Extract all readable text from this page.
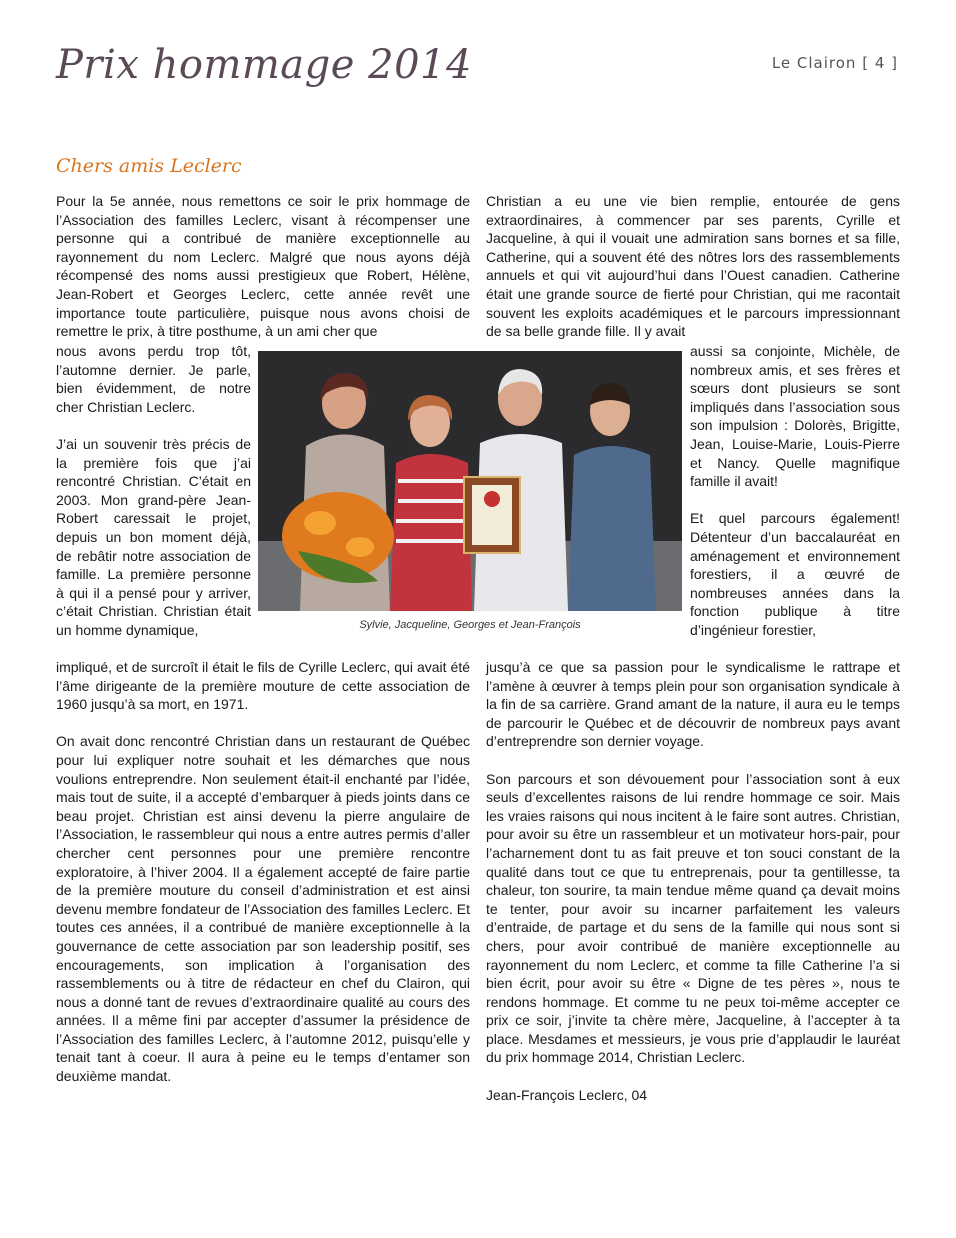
Prix hommage 2014	Le Clairon [ 4 ]
Chers amis Leclerc

Pour la 5e année, nous remettons ce soir le prix hommage de l’Association des familles Leclerc, visant à récompenser une personne qui a contribué de manière exceptionnelle au rayonnement du nom Leclerc. Malgré que nous ayons déjà récompensé des noms aussi prestigieux que Robert, Hélène, Jean-Robert et Georges Leclerc, cette année revêt une importance toute particulière, puisque nous avons choisi de remettre le prix, à titre posthume, à un ami cher que

nous avons perdu trop tôt, l’automne dernier. Je parle, bien évidemment, de notre cher Christian Leclerc.

J’ai un souvenir très précis de la première fois que j’ai rencontré Christian. C’était en 2003. Mon grand-père Jean-Robert caressait le projet, depuis un bon moment déjà, de rebâtir notre association de famille. La première personne à qui il a pensé pour y arriver, c’était Christian. Christian était un homme dynamique,

impliqué, et de surcroît il était le fils de Cyrille Leclerc, qui avait été l’âme dirigeante de la première mouture de cette association de 1960 jusqu’à sa mort, en 1971.

On avait donc rencontré Christian dans un restaurant de Québec pour lui expliquer notre souhait et les démarches que nous voulions entreprendre. Non seulement était-il enchanté par l’idée, mais tout de suite, il a accepté d’embarquer à pieds joints dans ce beau projet. Christian est ainsi devenu la pierre angulaire de l’Association, le rassembleur qui nous a entre autres permis d’aller chercher cent personnes pour une première rencontre exploratoire, à l’hiver 2004. Il a également accepté de faire partie de la première mouture du conseil d’administration et est ainsi devenu membre fondateur de l’Association des familles Leclerc. Et toutes ces années, il a contribué de manière exceptionnelle à la gouvernance de cette association par son leadership positif, ses encouragements, son implication à l’organisation des rassemblements ou à titre de rédacteur en chef du Clairon, qui nous a donné tant de revues d’extraordinaire qualité au cours des années. Il a même fini par accepter d’assumer la présidence de l’Association des familles Leclerc, à l’automne 2012, puisqu’elle y tenait tant à coeur. Il aura à peine eu le temps d’entamer son deuxième mandat.

Christian a eu une vie bien remplie, entourée de gens extraordinaires, à commencer par ses parents, Cyrille et Jacqueline, à qui il vouait une admiration sans bornes et sa fille, Catherine, qui a souvent été des nôtres lors des rassemblements annuels et qui vit aujourd’hui dans l’Ouest canadien. Catherine était une grande source de fierté pour Christian, qui me racontait souvent les exploits académiques et le parcours impressionnant de sa belle grande fille. Il y avait

aussi sa conjointe, Michèle, de nombreux amis, et ses frères et sœurs dont plusieurs se sont impliqués dans l’association sous son impulsion : Dolorès, Brigitte, Jean, Louise-Marie, Louis-Pierre et Nancy. Quelle magnifique famille il avait!

Et quel parcours également! Détenteur d’un baccalauréat en aménagement et environnement forestiers, il a œuvré de nombreuses années dans la fonction publique à titre d’ingénieur forestier,

jusqu’à ce que sa passion pour le syndicalisme le rattrape et l’amène à œuvrer à temps plein pour son organisation syndicale à la fin de sa carrière. Grand amant de la nature, il aura eu le temps de parcourir le Québec et de découvrir de nombreux pays avant d’entreprendre son dernier voyage.

Son parcours et son dévouement pour l’association sont à eux seuls d’excellentes raisons de lui rendre hommage ce soir. Mais les vraies raisons qui nous incitent à le faire sont autres. Christian, pour avoir su être un rassembleur et un motivateur hors-pair, pour l’acharnement dont tu as fait preuve et ton souci constant de la qualité dans tout ce que tu entreprenais, pour ta gentillesse, ta chaleur, ton sourire, ta main tendue même quand ça devait moins te tenter, pour avoir su incarner parfaitement les valeurs d’entraide, de partage et du sens de la famille qui nous sont si chers, pour avoir contribué de manière exceptionnelle au rayonnement du nom Leclerc, et comme ta fille Catherine l’a si bien écrit, pour avoir su être « Digne de tes pères », nous te rendons hommage. Et comme tu ne peux toi-même accepter ce prix ce soir, j’invite ta chère mère, Jacqueline, à l’accepter à ta place. Mesdames et messieurs, je vous prie d’applaudir le lauréat du prix hommage 2014, Christian Leclerc.

Jean-François Leclerc, 04

Sylvie, Jacqueline, Georges et Jean-François
